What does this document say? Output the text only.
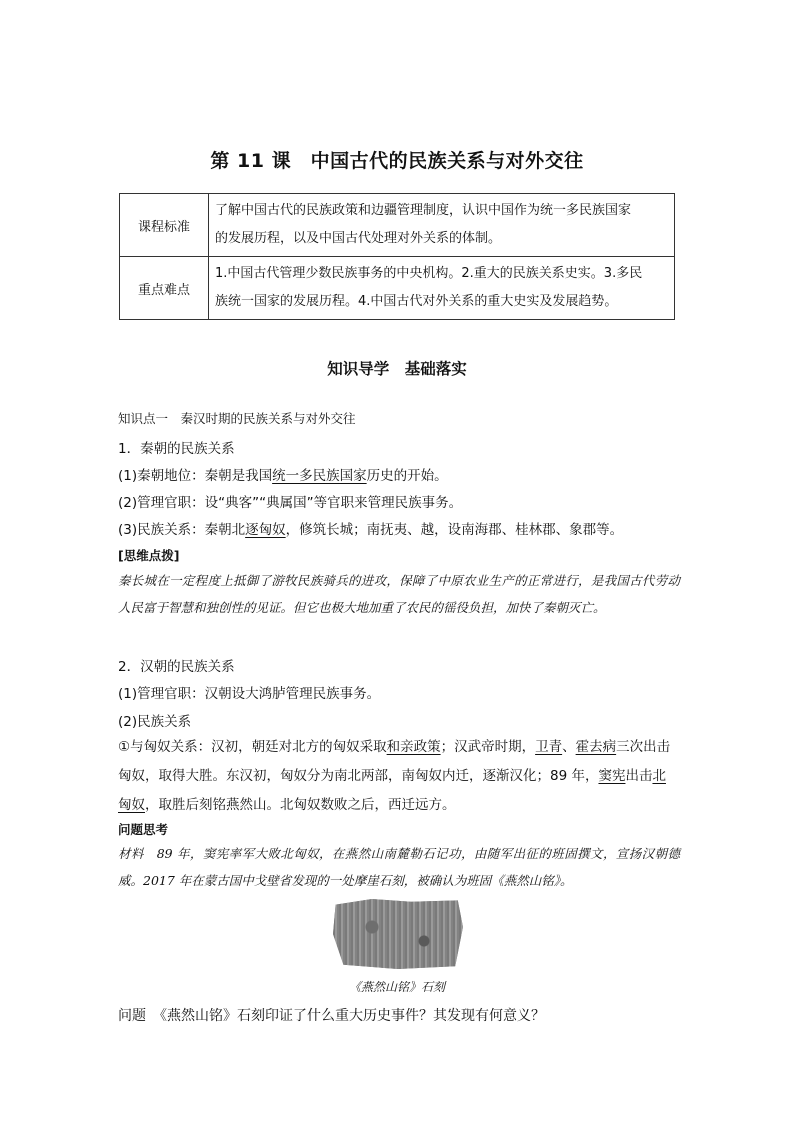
第 11 课　中国古代的民族关系与对外交往
课程标准	了解中国古代的民族政策和边疆管理制度，认识中国作为统一多民族国家
的发展历程，以及中国古代处理对外关系的体制。

重点难点	1.中国古代管理少数民族事务的中央机构。2.重大的民族关系史实。3.多民
族统一国家的发展历程。4.中国古代对外关系的重大史实及发展趋势。
知识导学　基础落实
知识点一　秦汉时期的民族关系与对外交往
1．秦朝的民族关系
(1)秦朝地位：秦朝是我国统一多民族国家历史的开始。
(2)管理官职：设“典客”“典属国”等官职来管理民族事务。
(3)民族关系：秦朝北逐匈奴，修筑长城；南抚夷、越，设南海郡、桂林郡、象郡等。
[思维点拨]
秦长城在一定程度上抵御了游牧民族骑兵的进攻，保障了中原农业生产的正常进行，是我国古代劳动人民富于智慧和独创性的见证。但它也极大地加重了农民的徭役负担，加快了秦朝灭亡。
2．汉朝的民族关系
(1)管理官职：汉朝设大鸿胪管理民族事务。
(2)民族关系
①与匈奴关系：汉初，朝廷对北方的匈奴采取和亲政策；汉武帝时期，卫青、霍去病三次出击匈奴，取得大胜。东汉初，匈奴分为南北两部，南匈奴内迁，逐渐汉化；89 年，窦宪出击北匈奴，取胜后刻铭燕然山。北匈奴数败之后，西迁远方。
问题思考
材料　89 年，窦宪率军大败北匈奴，在燕然山南麓勒石记功，由随军出征的班固撰文，宣扬汉朝德威。2017 年在蒙古国中戈壁省发现的一处摩崖石刻，被确认为班固《燕然山铭》。
《燕然山铭》石刻
问题　《燕然山铭》石刻印证了什么重大历史事件？其发现有何意义？
